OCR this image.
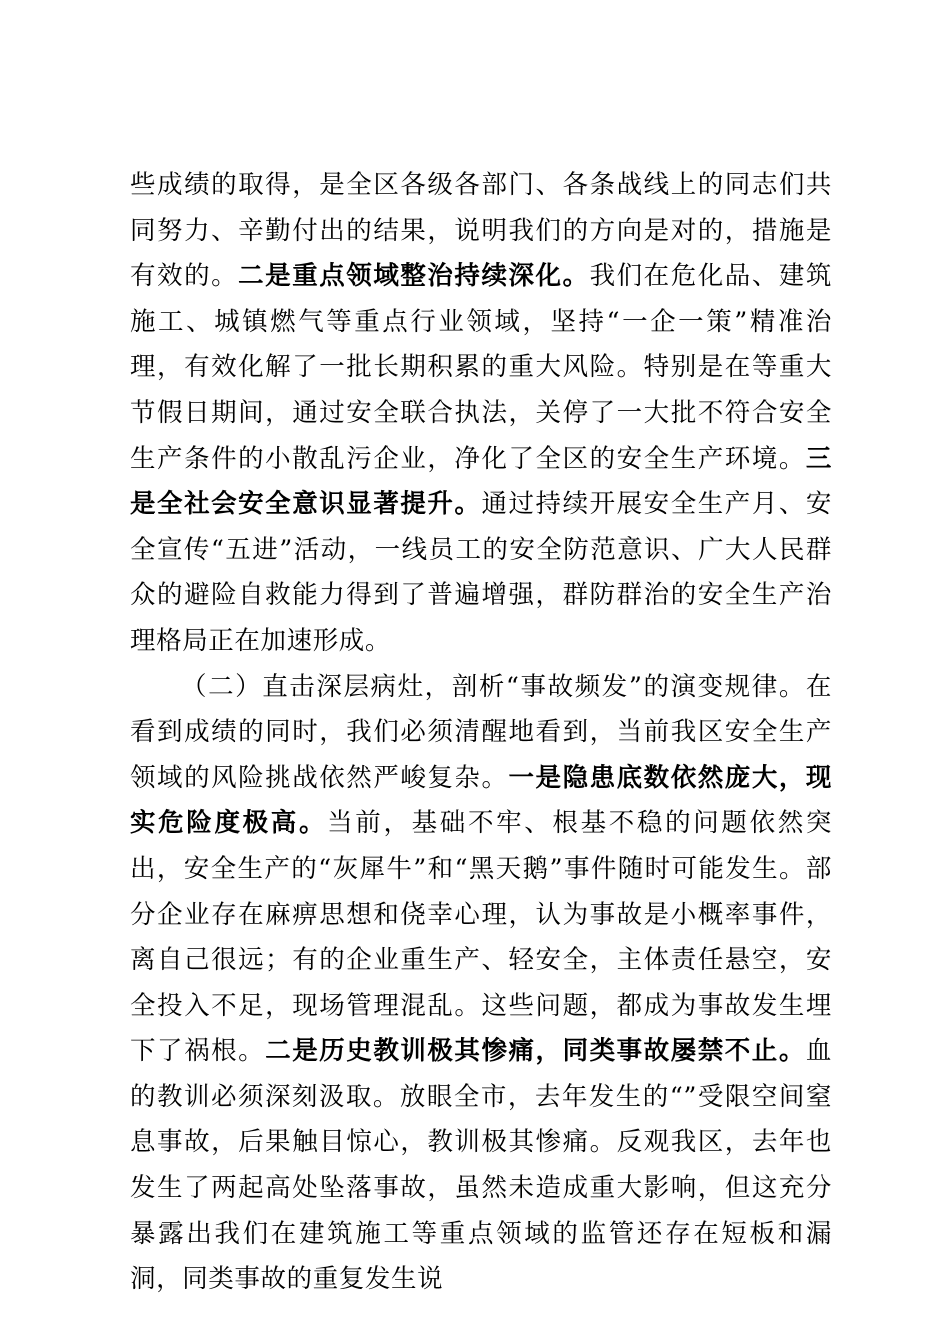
些成绩的取得，是全区各级各部门、各条战线上的同志们共同努力、辛勤付出的结果，说明我们的方向是对的，措施是有效的。二是重点领域整治持续深化。我们在危化品、建筑施工、城镇燃气等重点行业领域，坚持“一企一策”精准治理，有效化解了一批长期积累的重大风险。特别是在等重大节假日期间，通过安全联合执法，关停了一大批不符合安全生产条件的小散乱污企业，净化了全区的安全生产环境。三是全社会安全意识显著提升。通过持续开展安全生产月、安全宣传“五进”活动，一线员工的安全防范意识、广大人民群众的避险自救能力得到了普遍增强，群防群治的安全生产治理格局正在加速形成。

（二）直击深层病灶，剖析“事故频发”的演变规律。在看到成绩的同时，我们必须清醒地看到，当前我区安全生产领域的风险挑战依然严峻复杂。一是隐患底数依然庞大，现实危险度极高。当前，基础不牢、根基不稳的问题依然突出，安全生产的“灰犀牛”和“黑天鹅”事件随时可能发生。部分企业存在麻痹思想和侥幸心理，认为事故是小概率事件，离自己很远；有的企业重生产、轻安全，主体责任悬空，安全投入不足，现场管理混乱。这些问题，都成为事故发生埋下了祸根。二是历史教训极其惨痛，同类事故屡禁不止。血的教训必须深刻汲取。放眼全市，去年发生的“”受限空间窒息事故，后果触目惊心，教训极其惨痛。反观我区，去年也发生了两起高处坠落事故，虽然未造成重大影响，但这充分暴露出我们在建筑施工等重点领域的监管还存在短板和漏洞，同类事故的重复发生说
